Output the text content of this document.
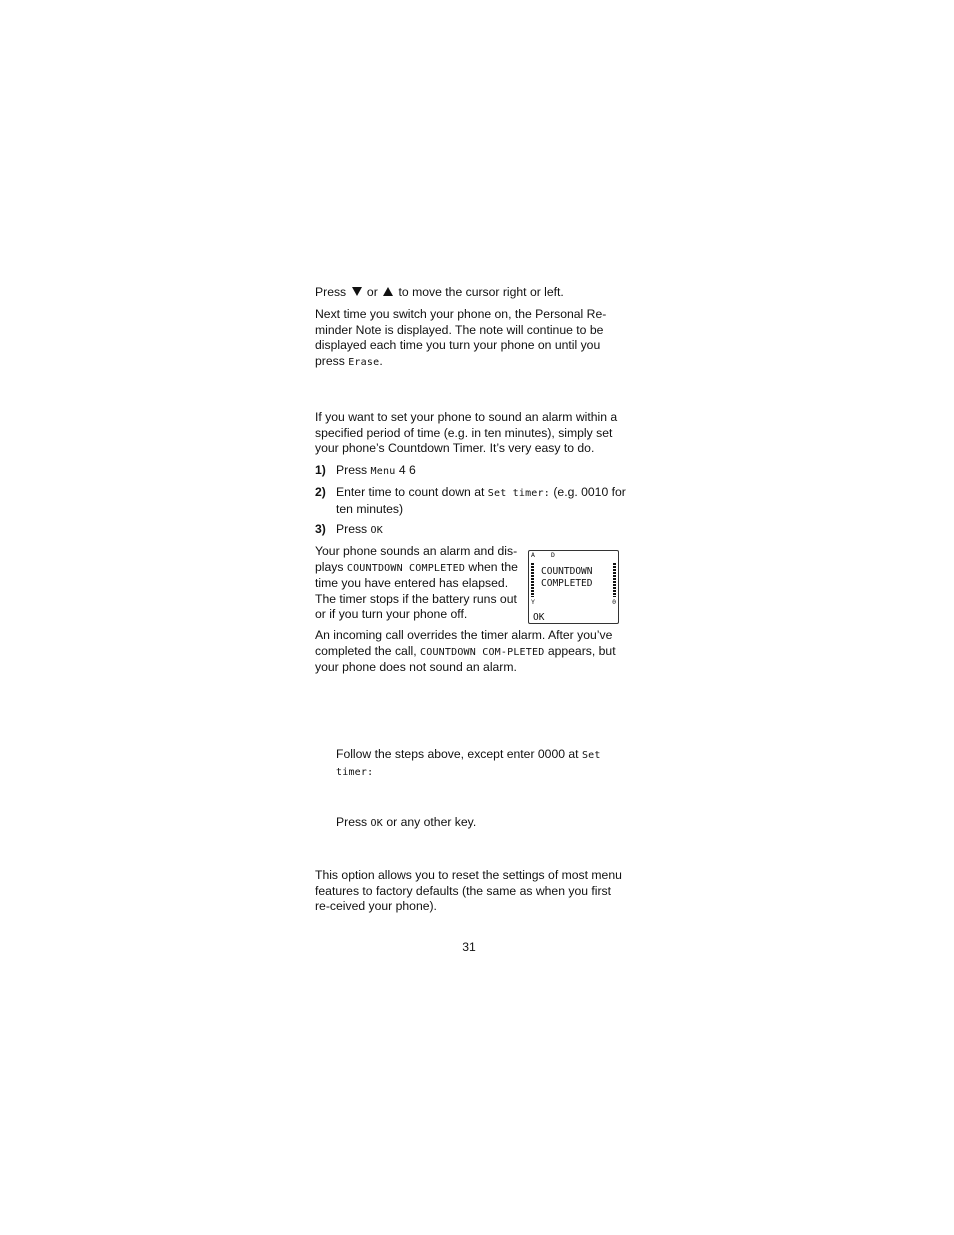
Press  or  to move the cursor right or left.

Next time you switch your phone on, the Personal Re-minder Note is displayed. The note will continue to be displayed each time you turn your phone on until you press Erase.

If you want to set your phone to sound an alarm within a specified period of time (e.g. in ten minutes), simply set your phone’s Countdown Timer. It’s very easy to do.

1) Press Menu 4 6
2) Enter time to count down at Set timer: (e.g. 0010 for ten minutes)
3) Press OK

Your phone sounds an alarm and dis-plays COUNTDOWN COMPLETED when the time you have entered has elapsed. The timer stops if the battery runs out or if you turn your phone off.

A D
Y	0
COUNTDOWN
COMPLETED
OK

An incoming call overrides the timer alarm. After you’ve completed the call, COUNTDOWN COM-PLETED appears, but your phone does not sound an alarm.

Follow the steps above, except enter 0000 at Set timer:

Press OK or any other key.

This option allows you to reset the settings of most menu features to factory defaults (the same as when you first re-ceived your phone).

31
